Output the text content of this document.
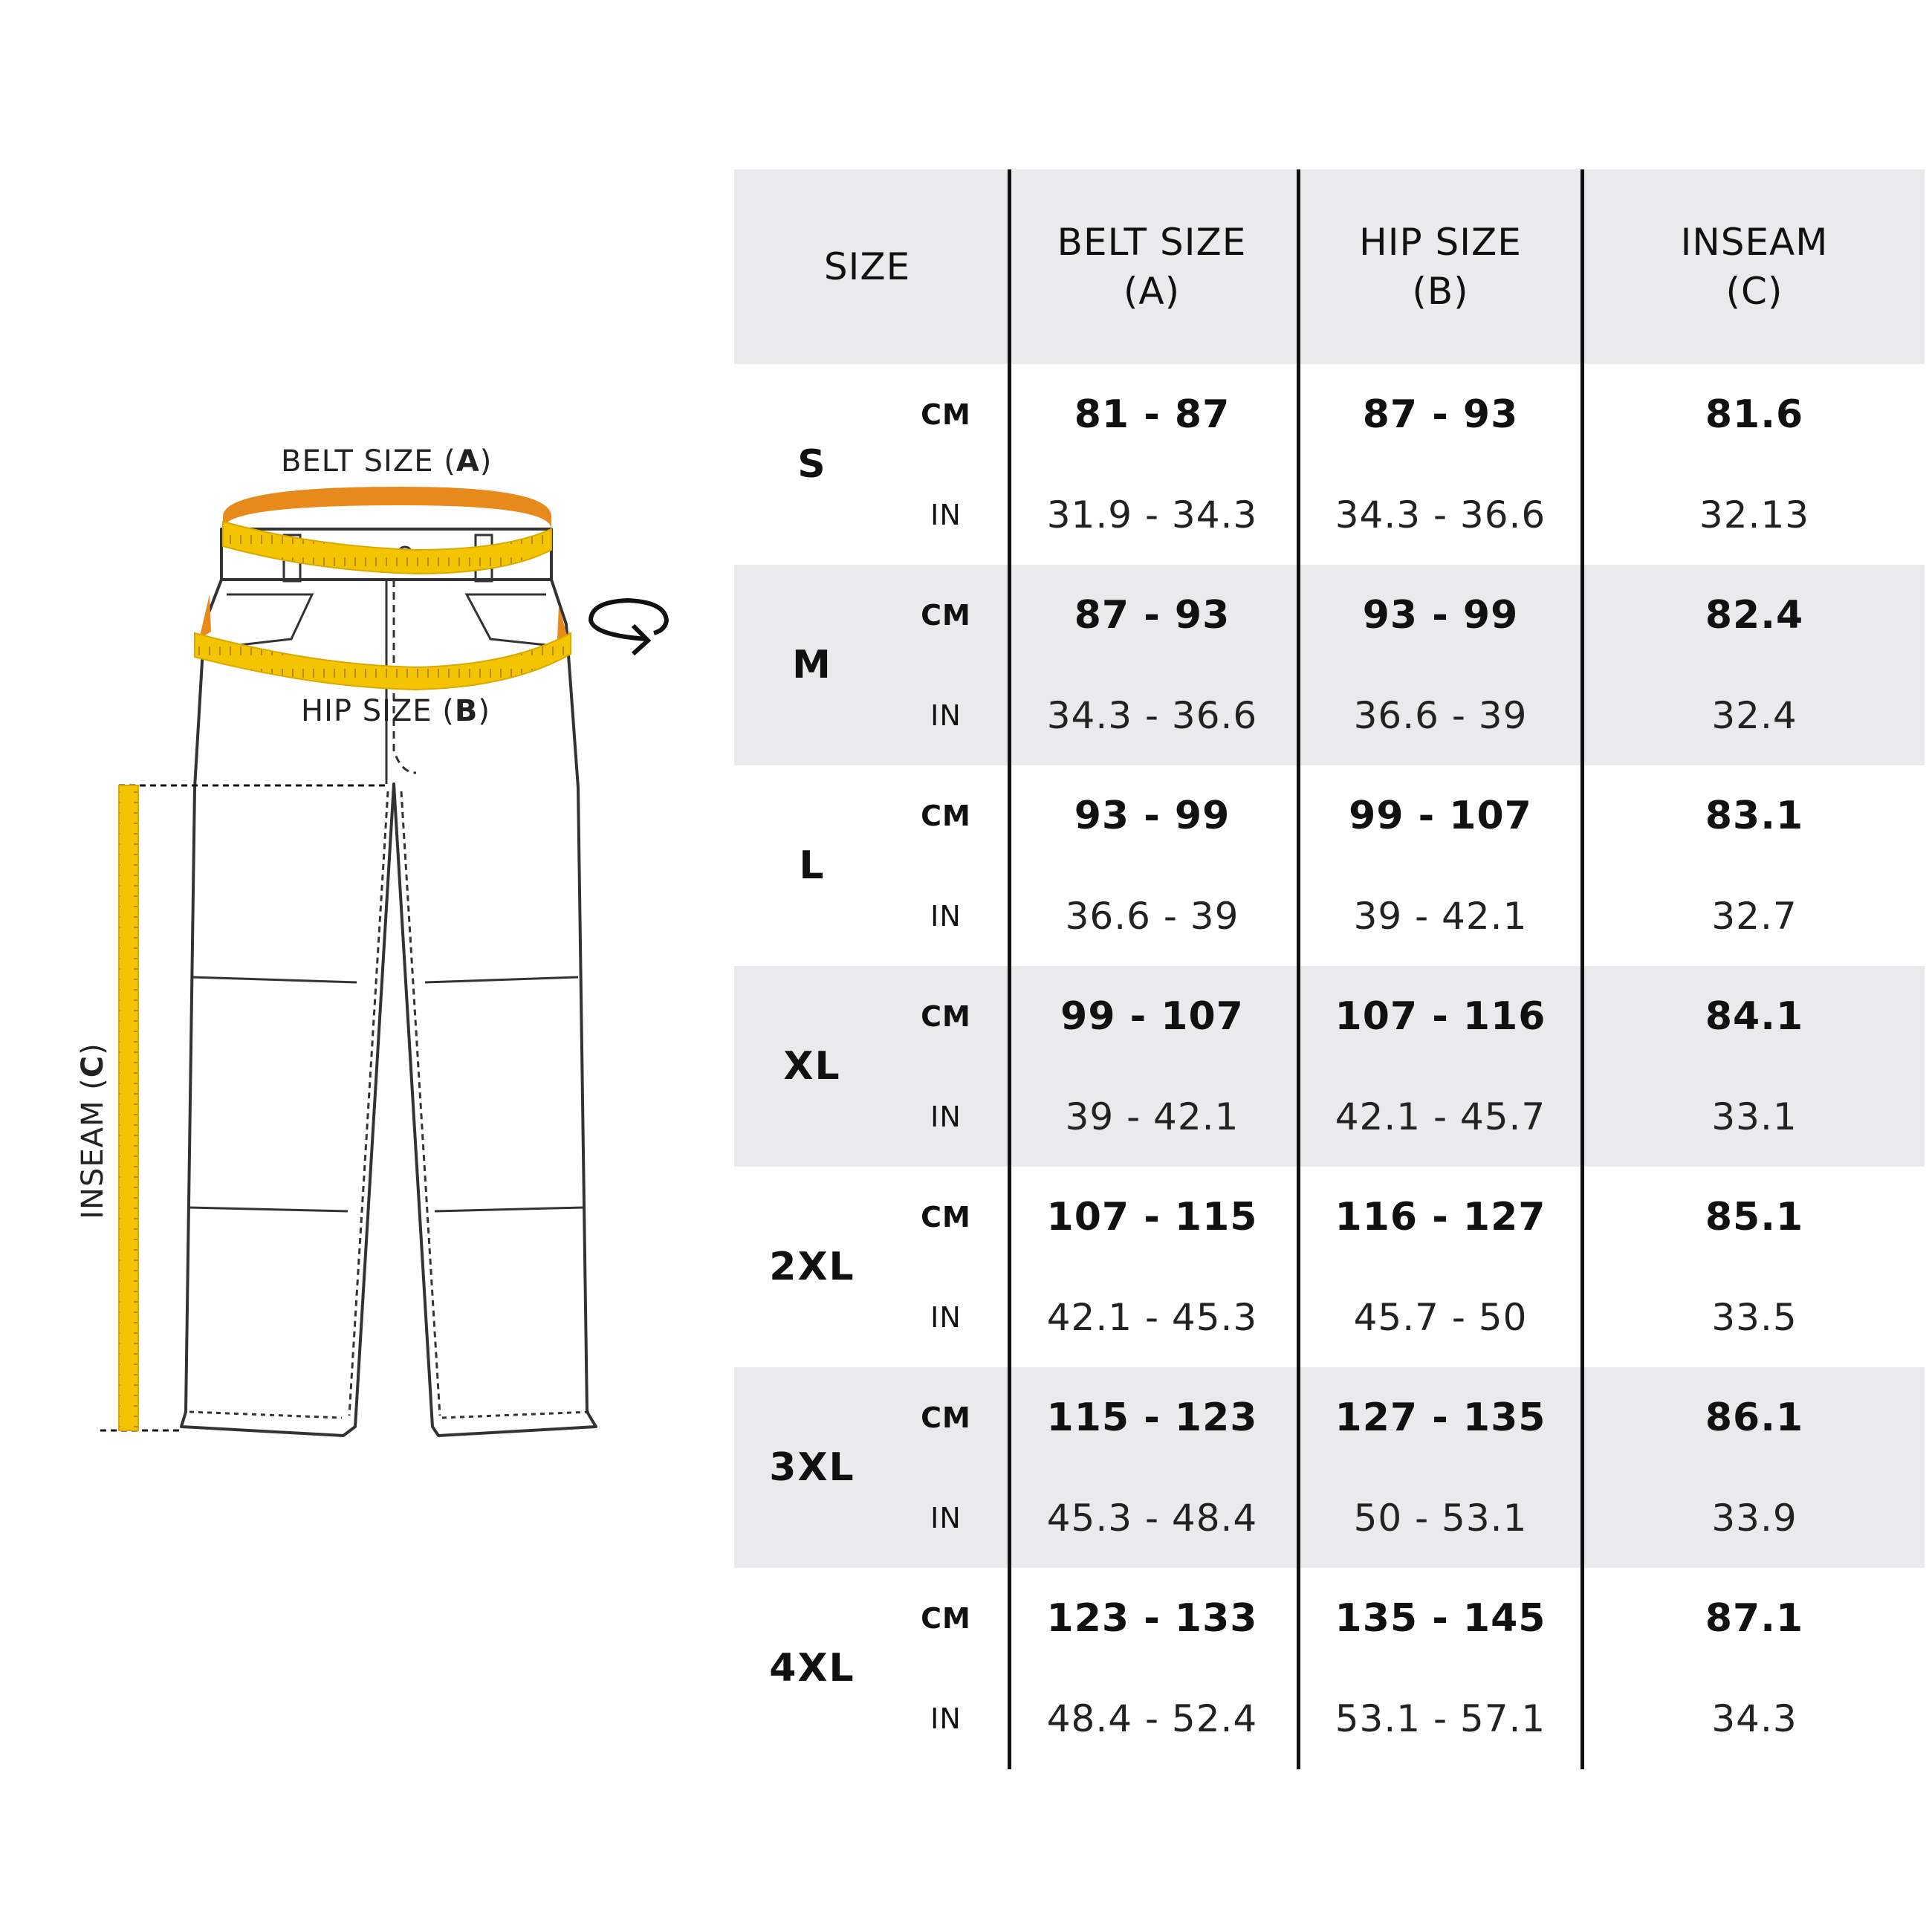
BELT SIZE (A)
HIP SIZE (B)
INSEAM (C)
SIZE
BELT SIZE
(A)
HIP SIZE
(B)
INSEAM
(C)
S
CM
IN
81 - 87
31.9 - 34.3
87 - 93
34.3 - 36.6
81.6
32.13
M
CM
IN
87 - 93
34.3 - 36.6
93 - 99
36.6 - 39
82.4
32.4
L
CM
IN
93 - 99
36.6 - 39
99 - 107
39 - 42.1
83.1
32.7
XL
CM
IN
99 - 107
39 - 42.1
107 - 116
42.1 - 45.7
84.1
33.1
2XL
CM
IN
107 - 115
42.1 - 45.3
116 - 127
45.7 - 50
85.1
33.5
3XL
CM
IN
115 - 123
45.3 - 48.4
127 - 135
50 - 53.1
86.1
33.9
4XL
CM
IN
123 - 133
48.4 - 52.4
135 - 145
53.1 - 57.1
87.1
34.3
